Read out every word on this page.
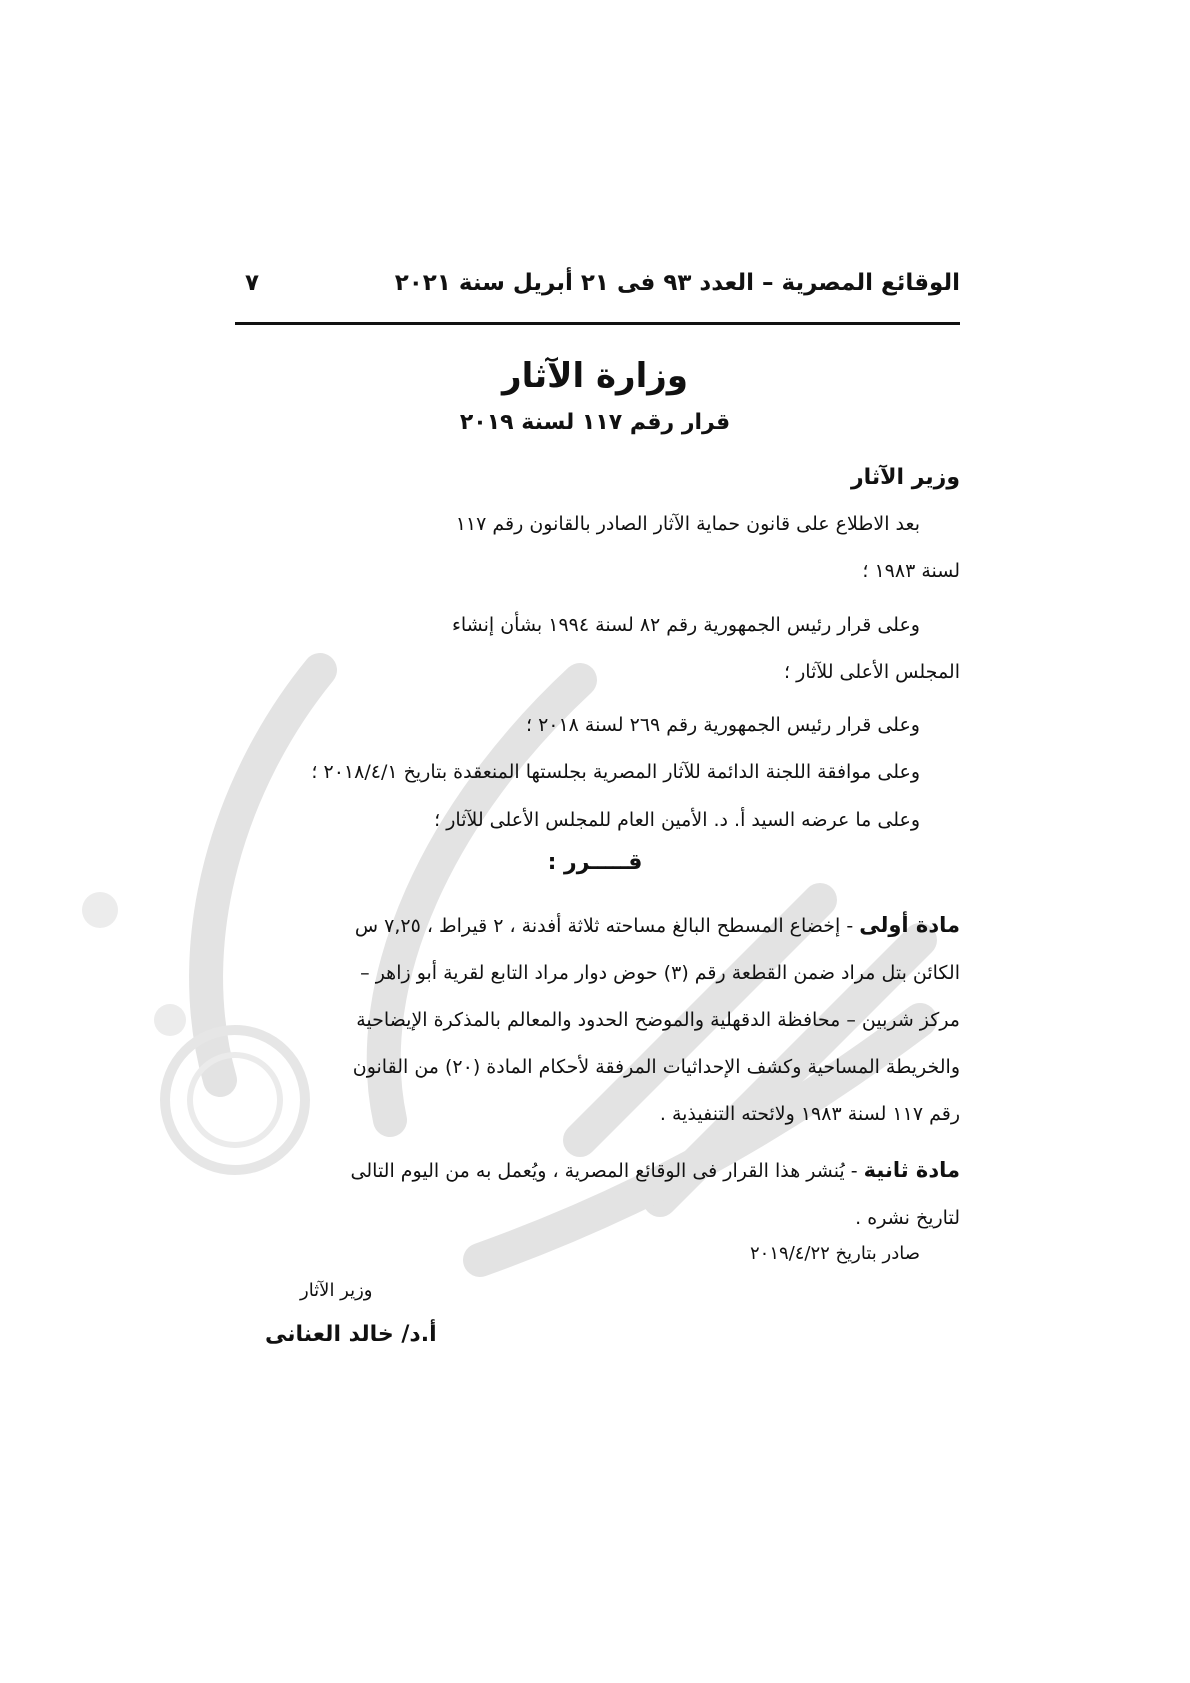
الوقائع المصرية – العدد ٩٣ فى ٢١ أبريل سنة ٢٠٢١
٧
وزارة الآثار
قرار رقم ١١٧ لسنة ٢٠١٩
وزير الآثار
بعد الاطلاع على قانون حماية الآثار الصادر بالقانون رقم ١١٧
لسنة ١٩٨٣ ؛
وعلى قرار رئيس الجمهورية رقم ٨٢ لسنة ١٩٩٤ بشأن إنشاء
المجلس الأعلى للآثار ؛
وعلى قرار رئيس الجمهورية رقم ٢٦٩ لسنة ٢٠١٨ ؛
وعلى موافقة اللجنة الدائمة للآثار المصرية بجلستها المنعقدة بتاريخ ٢٠١٨/٤/١ ؛
وعلى ما عرضه السيد أ. د. الأمين العام للمجلس الأعلى للآثار ؛
قـــــرر :
مادة أولى - إخضاع المسطح البالغ مساحته ثلاثة أفدنة ، ٢ قيراط ، ٧,٢٥ س
الكائن بتل مراد ضمن القطعة رقم (٣) حوض دوار مراد التابع لقرية أبو زاهر –
مركز شربين – محافظة الدقهلية والموضح الحدود والمعالم بالمذكرة الإيضاحية
والخريطة المساحية وكشف الإحداثيات المرفقة لأحكام المادة (٢٠) من القانون
رقم ١١٧ لسنة ١٩٨٣ ولائحته التنفيذية .
مادة ثانية - يُنشر هذا القرار فى الوقائع المصرية ، ويُعمل به من اليوم التالى
لتاريخ نشره .
صادر بتاريخ ٢٠١٩/٤/٢٢
وزير الآثار
أ.د/ خالد العنانى
